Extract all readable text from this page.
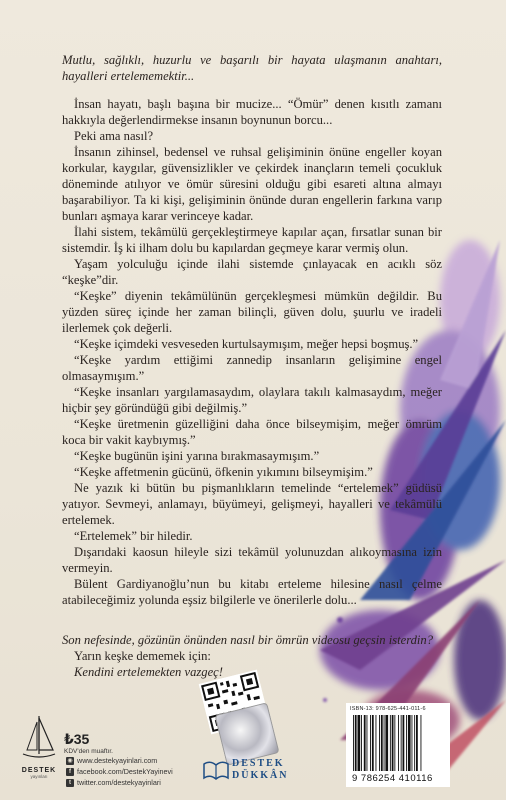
Mutlu, sağlıklı, huzurlu ve başarılı bir hayata ulaşmanın anahtarı, hayalleri ertelememektir...

İnsan hayatı, başlı başına bir mucize... “Ömür” denen kısıtlı zamanı hakkıyla değerlendirmekse insanın boynunun borcu...

Peki ama nasıl?

İnsanın zihinsel, bedensel ve ruhsal gelişiminin önüne engeller koyan korkular, kaygılar, güvensizlikler ve çekirdek inançların temeli çocukluk döneminde atılıyor ve ömür süresini olduğu gibi esareti altına almayı başarabiliyor. Ta ki kişi, gelişiminin önünde duran engellerin farkına varıp bunları aşmaya karar verinceye kadar.

İlahi sistem, tekâmülü gerçekleştirmeye kapılar açan, fırsatlar sunan bir sistemdir. İş ki ilham dolu bu kapılardan geçmeye karar vermiş olun.

Yaşam yolculuğu içinde ilahi sistemde çınlayacak en acıklı söz “keşke”dir.

“Keşke” diyenin tekâmülünün gerçekleşmesi mümkün değildir. Bu yüzden süreç içinde her zaman bilinçli, güven dolu, şuurlu ve iradeli ilerlemek çok değerli.

“Keşke içimdeki vesveseden kurtulsaymışım, meğer hepsi boşmuş.”

“Keşke yardım ettiğimi zannedip insanların gelişimine engel olmasaymışım.”

“Keşke insanları yargılamasaydım, olaylara takılı kalmasaydım, meğer hiçbir şey göründüğü gibi değilmiş.”

“Keşke üretmenin güzelliğini daha önce bilseymişim, meğer ömrüm koca bir vakit kaybıymış.”

“Keşke bugünün işini yarına bırakmasaymışım.”

“Keşke affetmenin gücünü, öfkenin yıkımını bilseymişim.”

Ne yazık ki bütün bu pişmanlıkların temelinde “ertelemek” güdüsü yatıyor. Sevmeyi, anlamayı, büyümeyi, gelişmeyi, hayalleri ve tekâmülü ertelemek.

“Ertelemek” bir hiledir.

Dışarıdaki kaosun hileyle sizi tekâmül yolunuzdan alıkoymasına izin vermeyin.

Bülent Gardiyanoğlu’nun bu kitabı erteleme hilesine nasıl çelme atabileceğimiz yolunda eşsiz bilgilerle ve önerilerle dolu...

Son nefesinde, gözünün önünden nasıl bir ömrün videosu geçsin isterdin?

Yarın keşke dememek için:

Kendini ertelemekten vazgeç!

DESTEK
yayınları
₺35
KDV'den muaftır.
◉ www.destekyayinlari.com
f facebook.com/DestekYayinevi
t twitter.com/destekyayinlari
DESTEK
DÜKKÂN
ISBN-13: 978-625-441-011-6
9 786254 410116
